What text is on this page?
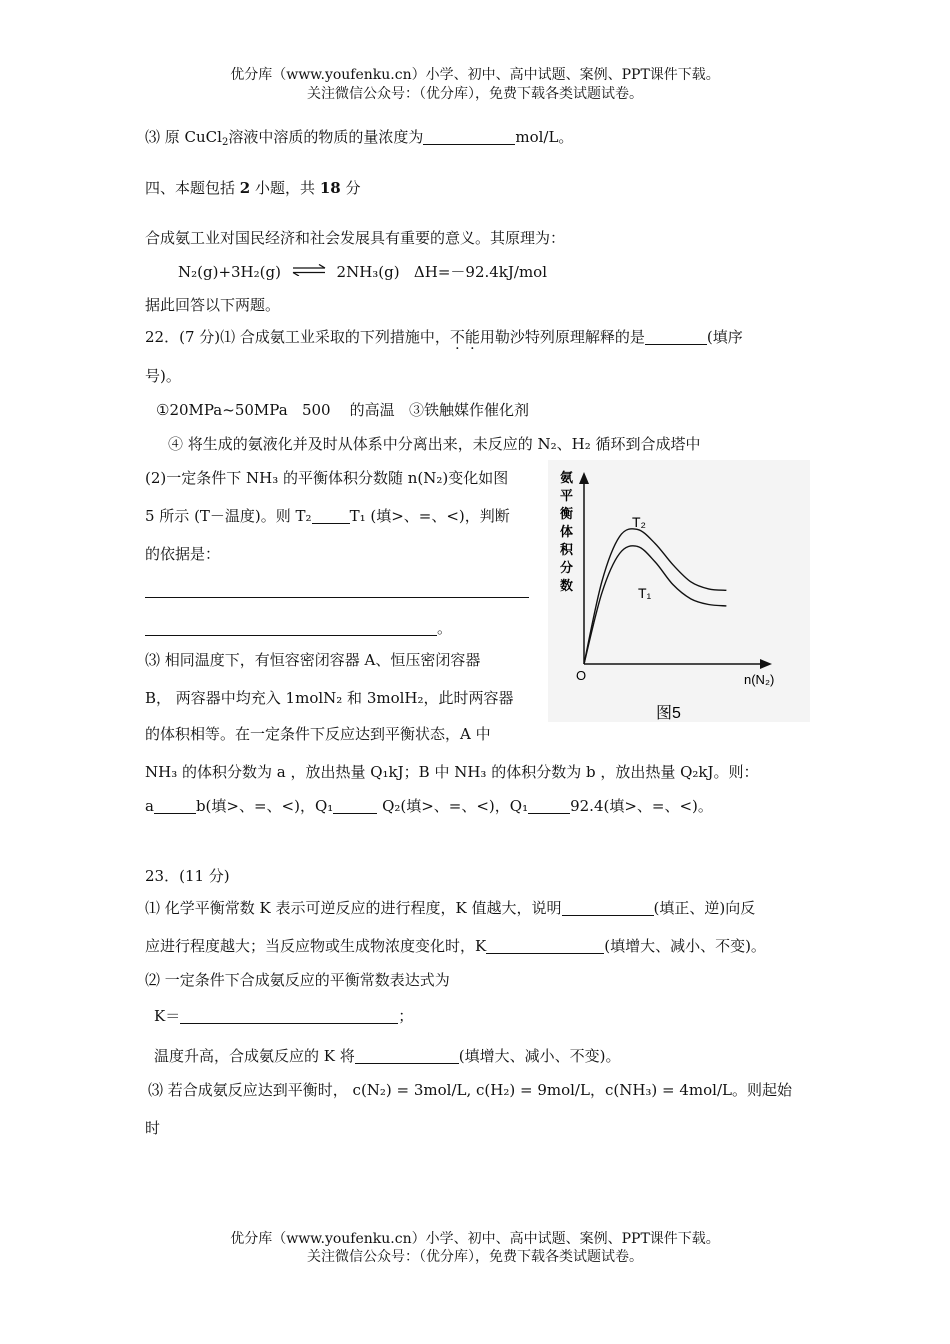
优分库（www.youfenku.cn）小学、初中、高中试题、案例、PPT课件下载。
关注微信公众号：（优分库），免费下载各类试题试卷。
⑶ 原 CuCl$_2$溶液中溶质的物质的量浓度为	mol/L。
四、本题包括 2 小题，共 18 分
合成氨工业对国民经济和社会发展具有重要的意义。其原理为：
N₂(g)+3H₂(g) ⇌ 2NH₃(g) ΔH=－92.4kJ/mol
据此回答以下两题。
22．(7 分)⑴ 合成氨工业采取的下列措施中，不能用勒沙特列原理解释的是	(填序
号)。
①20MPa~50MPa 500 的高温 ③铁触媒作催化剂
④ 将生成的氨液化并及时从体系中分离出来，未反应的 N₂、H₂ 循环到合成塔中
(2)一定条件下 NH₃ 的平衡体积分数随 n(N₂)变化如图
5 所示 (T－温度)。则 T₂	T₁ (填>、=、<)，判断
的依据是：
。
⑶ 相同温度下，有恒容密闭容器 A、恒压密闭容器
B， 两容器中均充入 1molN₂ 和 3molH₂，此时两容器
的体积相等。在一定条件下反应达到平衡状态，A 中
NH₃ 的体积分数为 a ，放出热量 Q₁kJ；B 中 NH₃ 的体积分数为 b ，放出热量 Q₂kJ。则：
a	b(填>、=、<)，Q₁	Q₂(填>、=、<)，Q₁	92.4(填>、=、<)。
氨
平
衡
体
积
分
数
O	n(N₂)
T₂
T₁
图5
23．(11 分)
⑴ 化学平衡常数 K 表示可逆反应的进行程度，K 值越大，说明	(填正、逆)向反
应进行程度越大；当反应物或生成物浓度变化时，K	(填增大、减小、不变)。
⑵ 一定条件下合成氨反应的平衡常数表达式为
K＝	；
温度升高，合成氨反应的 K 将	(填增大、减小、不变)。
⑶ 若合成氨反应达到平衡时， c(N₂) = 3mol/L, c(H₂) = 9mol/L，c(NH₃) = 4mol/L。则起始
时
优分库（www.youfenku.cn）小学、初中、高中试题、案例、PPT课件下载。
关注微信公众号：（优分库），免费下载各类试题试卷。
